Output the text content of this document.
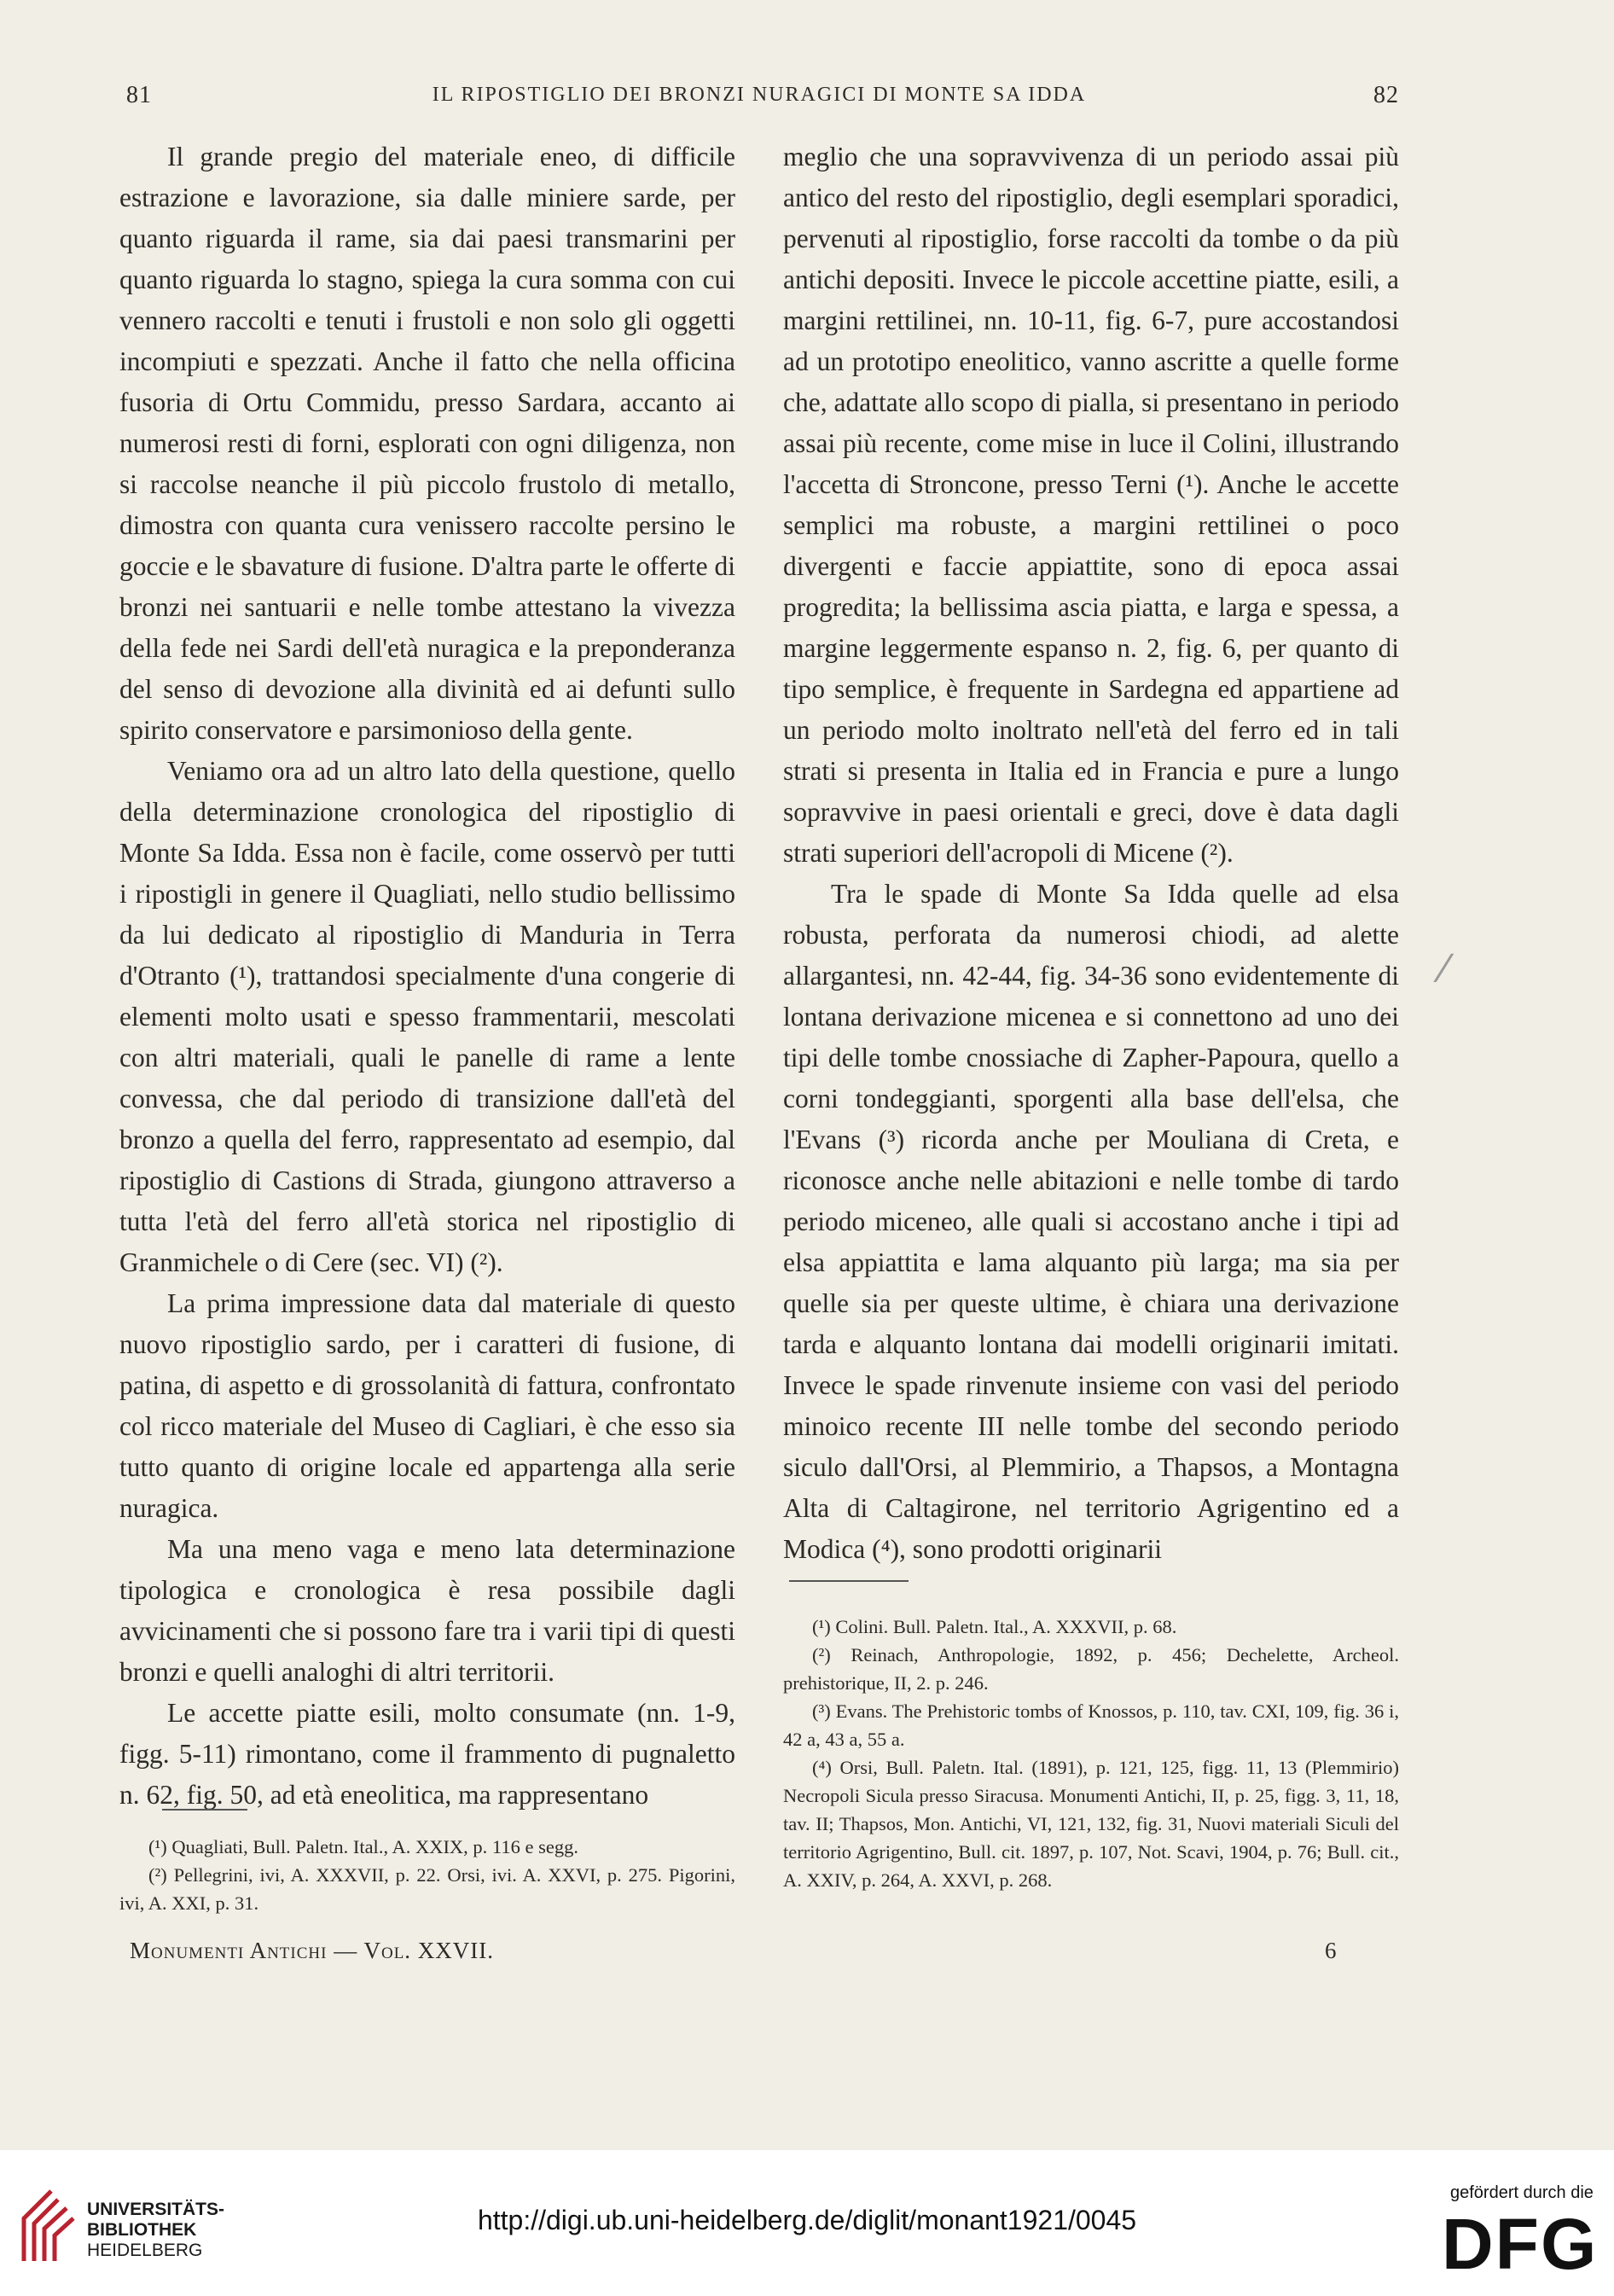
81	IL RIPOSTIGLIO DEI BRONZI NURAGICI DI MONTE SA IDDA	82

Il grande pregio del materiale eneo, di difficile estrazione e lavorazione, sia dalle miniere sarde, per quanto riguarda il rame, sia dai paesi transmarini per quanto riguarda lo stagno, spiega la cura somma con cui vennero raccolti e tenuti i frustoli e non solo gli oggetti incompiuti e spezzati. Anche il fatto che nella officina fusoria di Ortu Commidu, presso Sardara, accanto ai numerosi resti di forni, esplorati con ogni diligenza, non si raccolse neanche il più piccolo frustolo di metallo, dimostra con quanta cura venissero raccolte persino le goccie e le sbavature di fusione. D'altra parte le offerte di bronzi nei santuarii e nelle tombe attestano la vivezza della fede nei Sardi dell'età nuragica e la preponderanza del senso di devozione alla divinità ed ai defunti sullo spirito conservatore e parsimonioso della gente.

Veniamo ora ad un altro lato della questione, quello della determinazione cronologica del ripostiglio di Monte Sa Idda. Essa non è facile, come osservò per tutti i ripostigli in genere il Quagliati, nello studio bellissimo da lui dedicato al ripostiglio di Manduria in Terra d'Otranto (¹), trattandosi specialmente d'una congerie di elementi molto usati e spesso frammentarii, mescolati con altri materiali, quali le panelle di rame a lente convessa, che dal periodo di transizione dall'età del bronzo a quella del ferro, rappresentato ad esempio, dal ripostiglio di Castions di Strada, giungono attraverso a tutta l'età del ferro all'età storica nel ripostiglio di Granmichele o di Cere (sec. VI) (²).

La prima impressione data dal materiale di questo nuovo ripostiglio sardo, per i caratteri di fusione, di patina, di aspetto e di grossolanità di fattura, confrontato col ricco materiale del Museo di Cagliari, è che esso sia tutto quanto di origine locale ed appartenga alla serie nuragica.

Ma una meno vaga e meno lata determinazione tipologica e cronologica è resa possibile dagli avvicinamenti che si possono fare tra i varii tipi di questi bronzi e quelli analoghi di altri territorii.

Le accette piatte esili, molto consumate (nn. 1-9, figg. 5-11) rimontano, come il frammento di pugnaletto n. 62, fig. 50, ad età eneolitica, ma rappresentano

(¹) Quagliati, Bull. Paletn. Ital., A. XXIX, p. 116 e segg.

(²) Pellegrini, ivi, A. XXXVII, p. 22. Orsi, ivi. A. XXVI, p. 275. Pigorini, ivi, A. XXI, p. 31.

meglio che una sopravvivenza di un periodo assai più antico del resto del ripostiglio, degli esemplari sporadici, pervenuti al ripostiglio, forse raccolti da tombe o da più antichi depositi. Invece le piccole accettine piatte, esili, a margini rettilinei, nn. 10-11, fig. 6-7, pure accostandosi ad un prototipo eneolitico, vanno ascritte a quelle forme che, adattate allo scopo di pialla, si presentano in periodo assai più recente, come mise in luce il Colini, illustrando l'accetta di Stroncone, presso Terni (¹). Anche le accette semplici ma robuste, a margini rettilinei o poco divergenti e faccie appiattite, sono di epoca assai progredita; la bellissima ascia piatta, e larga e spessa, a margine leggermente espanso n. 2, fig. 6, per quanto di tipo semplice, è frequente in Sardegna ed appartiene ad un periodo molto inoltrato nell'età del ferro ed in tali strati si presenta in Italia ed in Francia e pure a lungo sopravvive in paesi orientali e greci, dove è data dagli strati superiori dell'acropoli di Micene (²).

Tra le spade di Monte Sa Idda quelle ad elsa robusta, perforata da numerosi chiodi, ad alette allargantesi, nn. 42-44, fig. 34-36 sono evidentemente di lontana derivazione micenea e si connettono ad uno dei tipi delle tombe cnossiache di Zapher-Papoura, quello a corni tondeggianti, sporgenti alla base dell'elsa, che l'Evans (³) ricorda anche per Mouliana di Creta, e riconosce anche nelle abitazioni e nelle tombe di tardo periodo miceneo, alle quali si accostano anche i tipi ad elsa appiattita e lama alquanto più larga; ma sia per quelle sia per queste ultime, è chiara una derivazione tarda e alquanto lontana dai modelli originarii imitati. Invece le spade rinvenute insieme con vasi del periodo minoico recente III nelle tombe del secondo periodo siculo dall'Orsi, al Plemmirio, a Thapsos, a Montagna Alta di Caltagirone, nel territorio Agrigentino ed a Modica (⁴), sono prodotti originarii

(¹) Colini. Bull. Paletn. Ital., A. XXXVII, p. 68.

(²) Reinach, Anthropologie, 1892, p. 456; Dechelette, Archeol. prehistorique, II, 2. p. 246.

(³) Evans. The Prehistoric tombs of Knossos, p. 110, tav. CXI, 109, fig. 36 i, 42 a, 43 a, 55 a.

(⁴) Orsi, Bull. Paletn. Ital. (1891), p. 121, 125, figg. 11, 13 (Plemmirio) Necropoli Sicula presso Siracusa. Monumenti Antichi, II, p. 25, figg. 3, 11, 18, tav. II; Thapsos, Mon. Antichi, VI, 121, 132, fig. 31, Nuovi materiali Siculi del territorio Agrigentino, Bull. cit. 1897, p. 107, Not. Scavi, 1904, p. 76; Bull. cit., A. XXIV, p. 264, A. XXVI, p. 268.

⁄
Monumenti Antichi — Vol. XXVII.	6
UNIVERSITÄTS-
BIBLIOTHEK
HEIDELBERG
http://digi.ub.uni-heidelberg.de/diglit/monant1921/0045
gefördert durch die
DFG
